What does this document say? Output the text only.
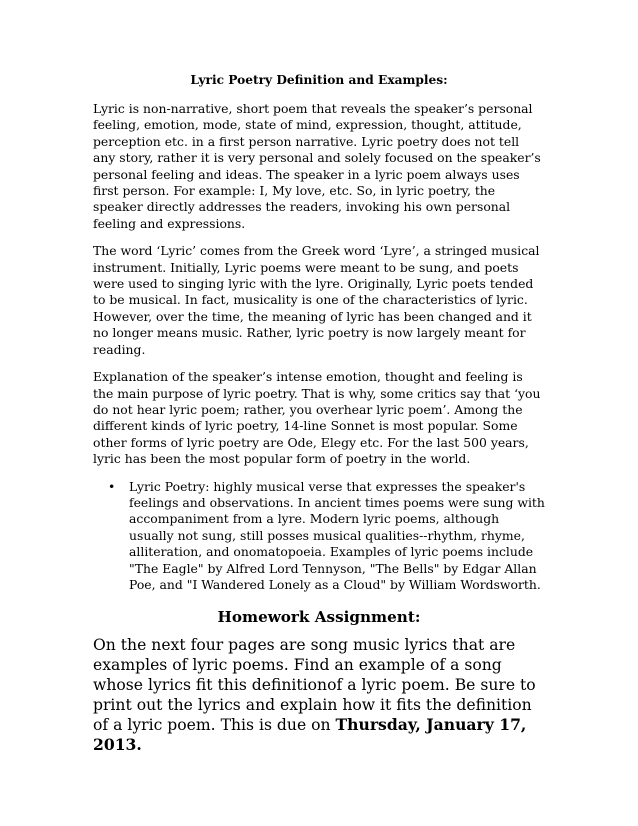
Lyric Poetry Definition and Examples:

Lyric is non-narrative, short poem that reveals the speaker’s personal feeling, emotion, mode, state of mind, expression, thought, attitude, perception etc. in a first person narrative. Lyric poetry does not tell any story, rather it is very personal and solely focused on the speaker’s personal feeling and ideas. The speaker in a lyric poem always uses first person. For example: I, My love, etc. So, in lyric poetry, the speaker directly addresses the readers, invoking his own personal feeling and expressions.

The word ‘Lyric’ comes from the Greek word ‘Lyre’, a stringed musical instrument. Initially, Lyric poems were meant to be sung, and poets were used to singing lyric with the lyre. Originally, Lyric poets tended to be musical. In fact, musicality is one of the characteristics of lyric. However, over the time, the meaning of lyric has been changed and it no longer means music. Rather, lyric poetry is now largely meant for reading.

Explanation of the speaker’s intense emotion, thought and feeling is the main purpose of lyric poetry. That is why, some critics say that ‘you do not hear lyric poem; rather, you overhear lyric poem’. Among the different kinds of lyric poetry, 14-line Sonnet is most popular. Some other forms of lyric poetry are Ode, Elegy etc. For the last 500 years, lyric has been the most popular form of poetry in the world.

• Lyric Poetry: highly musical verse that expresses the speaker's feelings and observations. In ancient times poems were sung with accompaniment from a lyre. Modern lyric poems, although usually not sung, still posses musical qualities--rhythm, rhyme, alliteration, and onomatopoeia. Examples of lyric poems include "The Eagle" by Alfred Lord Tennyson, "The Bells" by Edgar Allan Poe, and "I Wandered Lonely as a Cloud" by William Wordsworth.
Homework Assignment:

On the next four pages are song music lyrics that are examples of lyric poems. Find an example of a song whose lyrics fit this definitionof a lyric poem. Be sure to print out the lyrics and explain how it fits the definition of a lyric poem. This is due on Thursday, January 17, 2013.
